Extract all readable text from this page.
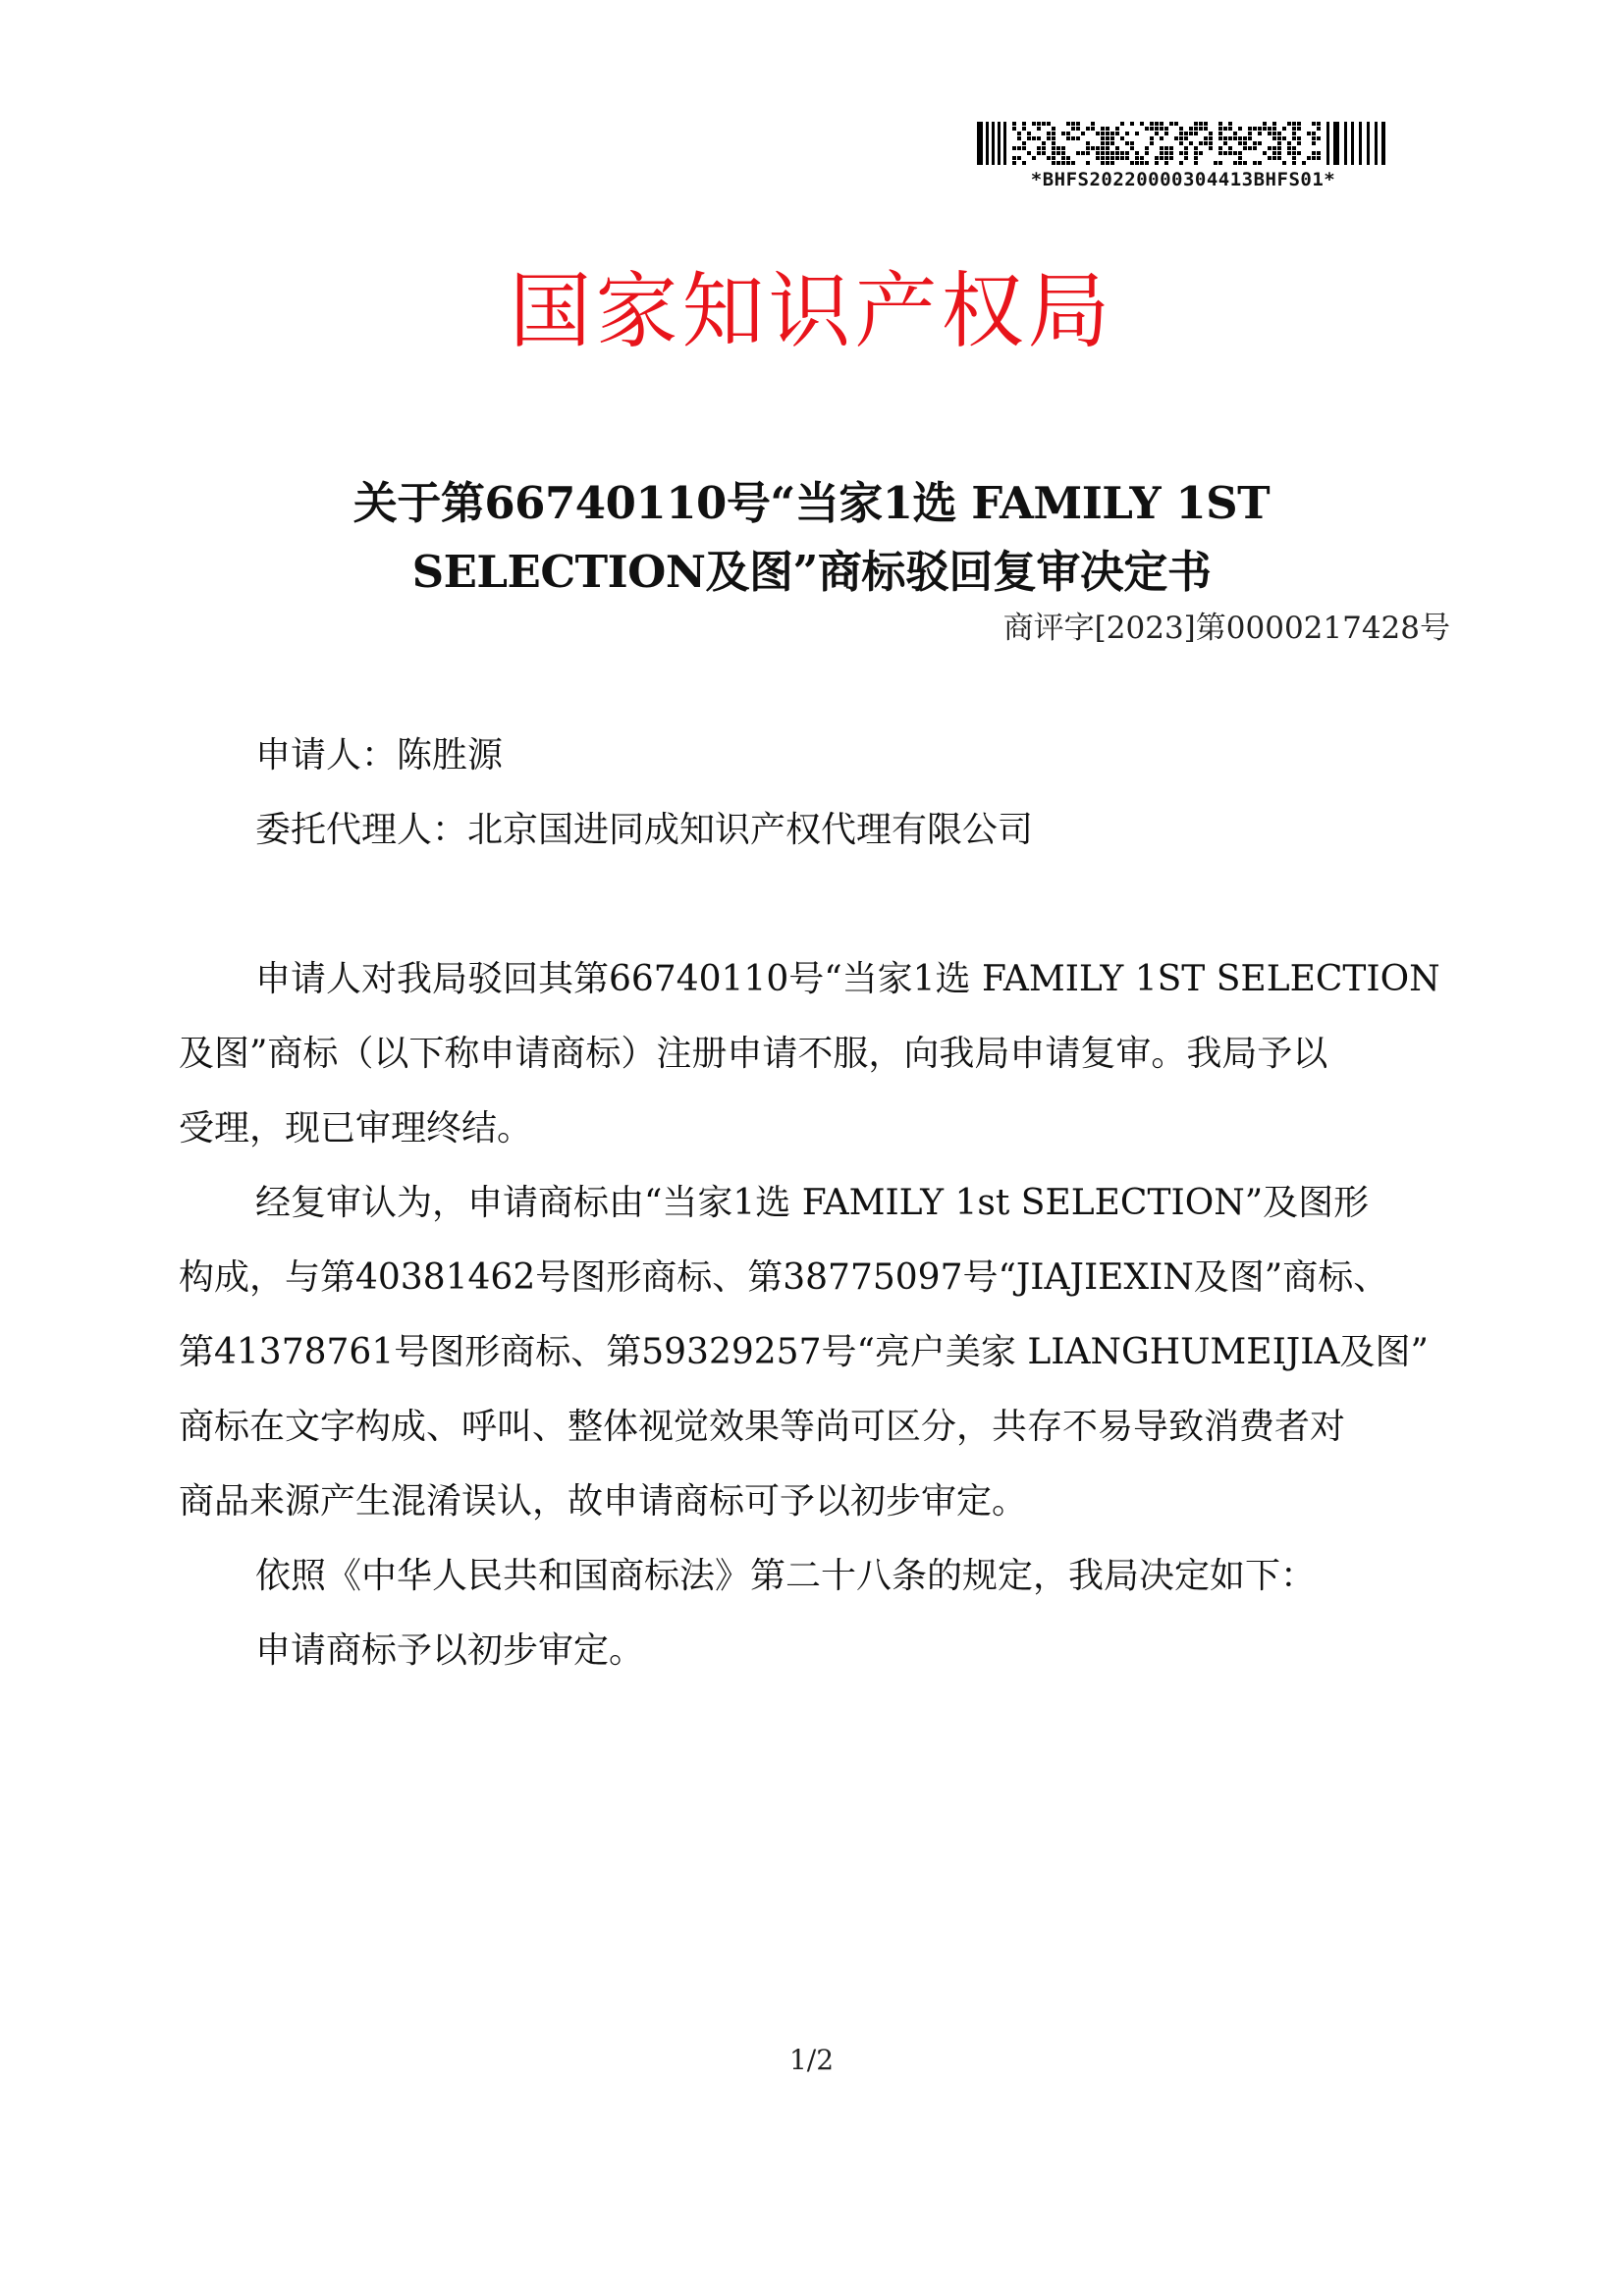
*BHFS20220000304413BHFS01*
国家知识产权局
关于第66740110号“当家1选 FAMILY 1ST
SELECTION及图”商标驳回复审决定书
商评字[2023]第0000217428号
申请人：陈胜源
委托代理人：北京国进同成知识产权代理有限公司
申请人对我局驳回其第66740110号“当家1选 FAMILY 1ST SELECTION
及图”商标（以下称申请商标）注册申请不服，向我局申请复审。我局予以
受理，现已审理终结。
经复审认为，申请商标由“当家1选 FAMILY 1st SELECTION”及图形
构成，与第40381462号图形商标、第38775097号“JIAJIEXIN及图”商标、
第41378761号图形商标、第59329257号“亮户美家 LIANGHUMEIJIA及图”
商标在文字构成、呼叫、整体视觉效果等尚可区分，共存不易导致消费者对
商品来源产生混淆误认，故申请商标可予以初步审定。
依照《中华人民共和国商标法》第二十八条的规定，我局决定如下：
申请商标予以初步审定。
1/2
